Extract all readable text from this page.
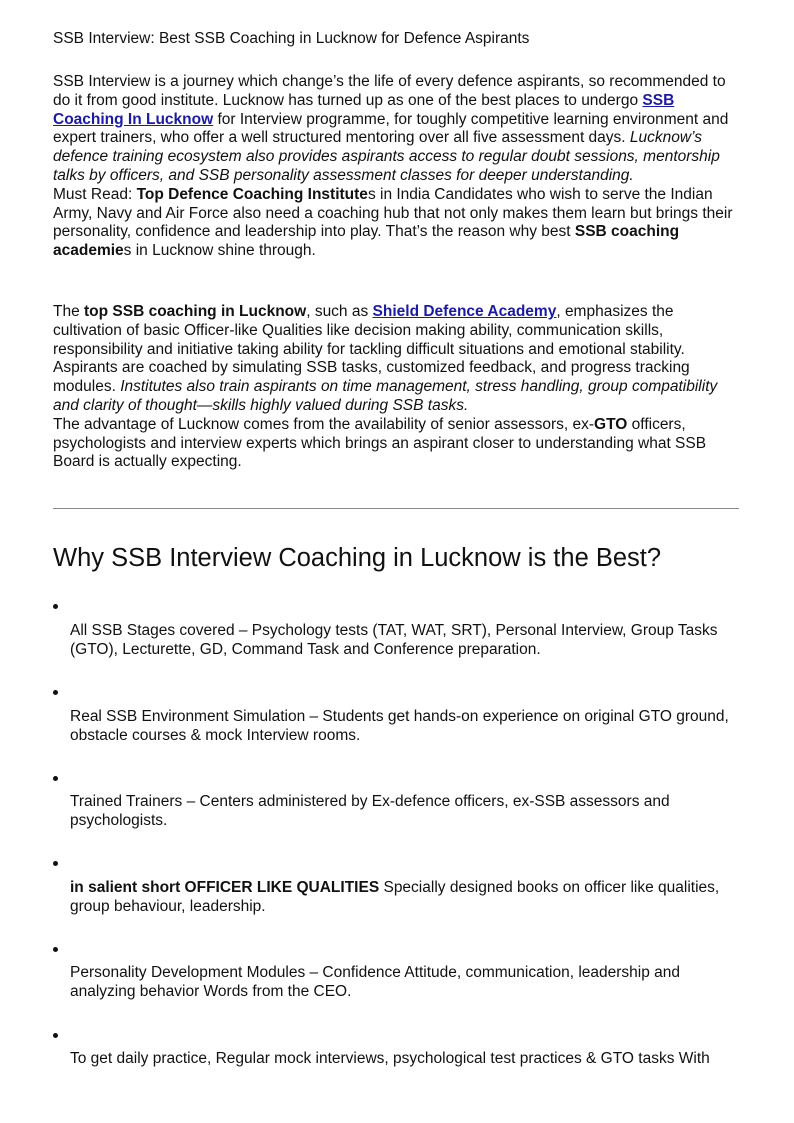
SSB Interview: Best SSB Coaching in Lucknow for Defence Aspirants

SSB Interview is a journey which change’s the life of every defence aspirants, so recommended to do it from good institute. Lucknow has turned up as one of the best places to undergo SSB Coaching In Lucknow for Interview programme, for toughly competitive learning environment and expert trainers, who offer a well structured mentoring over all five assessment days. Lucknow’s defence training ecosystem also provides aspirants access to regular doubt sessions, mentorship talks by officers, and SSB personality assessment classes for deeper understanding.
Must Read: Top Defence Coaching Institutes in India Candidates who wish to serve the Indian Army, Navy and Air Force also need a coaching hub that not only makes them learn but brings their personality, confidence and leadership into play. That’s the reason why best SSB coaching academies in Lucknow shine through.

The top SSB coaching in Lucknow, such as Shield Defence Academy, emphasizes the cultivation of basic Officer-like Qualities like decision making ability, communication skills, responsibility and initiative taking ability for tackling difficult situations and emotional stability. Aspirants are coached by simulating SSB tasks, customized feedback, and progress tracking modules. Institutes also train aspirants on time management, stress handling, group compatibility and clarity of thought—skills highly valued during SSB tasks.
The advantage of Lucknow comes from the availability of senior assessors, ex-GTO officers, psychologists and interview experts which brings an aspirant closer to understanding what SSB Board is actually expecting.

Why SSB Interview Coaching in Lucknow is the Best?

All SSB Stages covered – Psychology tests (TAT, WAT, SRT), Personal Interview, Group Tasks (GTO), Lecturette, GD, Command Task and Conference preparation.

Real SSB Environment Simulation – Students get hands-on experience on original GTO ground, obstacle courses & mock Interview rooms.

Trained Trainers – Centers administered by Ex-defence officers, ex-SSB assessors and psychologists.

in salient short OFFICER LIKE QUALITIES Specially designed books on officer like qualities, group behaviour, leadership.

Personality Development Modules – Confidence Attitude, communication, leadership and analyzing behavior Words from the CEO.

To get daily practice, Regular mock interviews, psychological test practices & GTO tasks With
